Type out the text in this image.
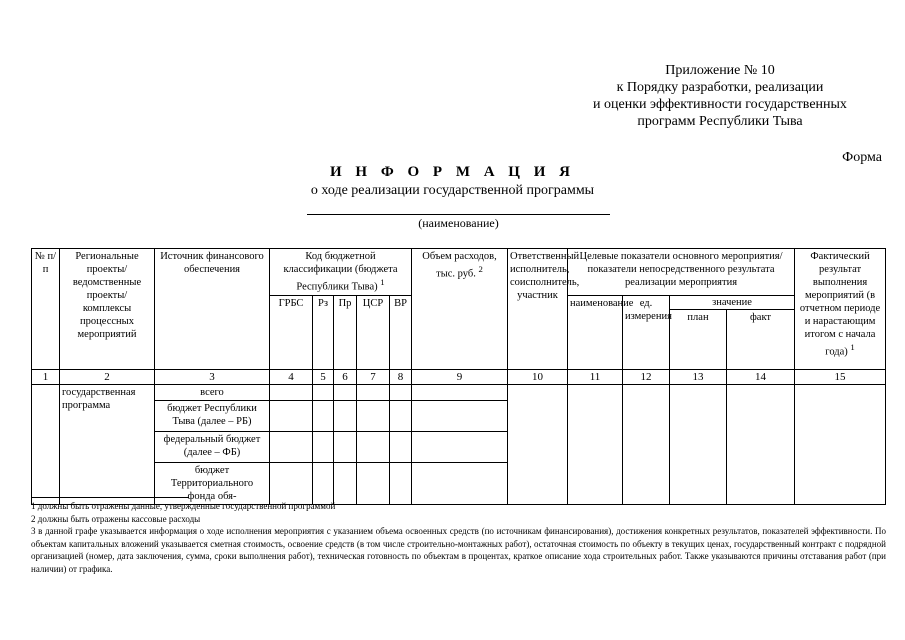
Приложение № 10
к Порядку разработки, реализации
и оценки эффективности государственных
программ Республики Тыва
Форма
И Н Ф О Р М А Ц И Я
о ходе реализации государственной программы
(наименование)
№ п/п	Региональные проекты/ ведомственные проекты/ комплексы процессных мероприятий	Источник финансового обеспечения	Код бюджетной классификации (бюджета Республики Тыва) $^1$					Объем расходов, тыс. руб. $^2$	Ответственный исполнитель, соисполнитель, участник	Целевые показатели основного мероприятия/показатели непосредственного результата реализации мероприятия				Фактический результат выполнения мероприятий (в отчетном периоде и нарастающим итогом с начала года) $^1$
			ГРБС	Рз	Пр	ЦСР	ВР			наименование	ед. измерения	значение		
												план	факт	
1	2	3	4	5	6	7	8	9	10	11	12	13	14	15
	государственная программа	всего												
		бюджет Республики Тыва (далее – РБ)												
		федеральный бюджет (далее – ФБ)												
		бюджет Территориального фонда обя-												

1 должны быть отражены данные, утвержденные государственной программой

2 должны быть отражены кассовые расходы

3 в данной графе указывается информация о ходе исполнения мероприятия с указанием объема освоенных средств (по источникам финансирования), достижения конкретных результатов, показателей эффективности. По объектам капитальных вложений указывается сметная стоимость, освоение средств (в том числе строительно-монтажных работ), остаточная стоимость по объекту в текущих ценах, государственный контракт с подрядной организацией (номер, дата заключения, сумма, сроки выполнения работ), техническая готовность по объектам в процентах, краткое описание хода строительных работ. Также указываются причины отставания работ (при наличии) от графика.
